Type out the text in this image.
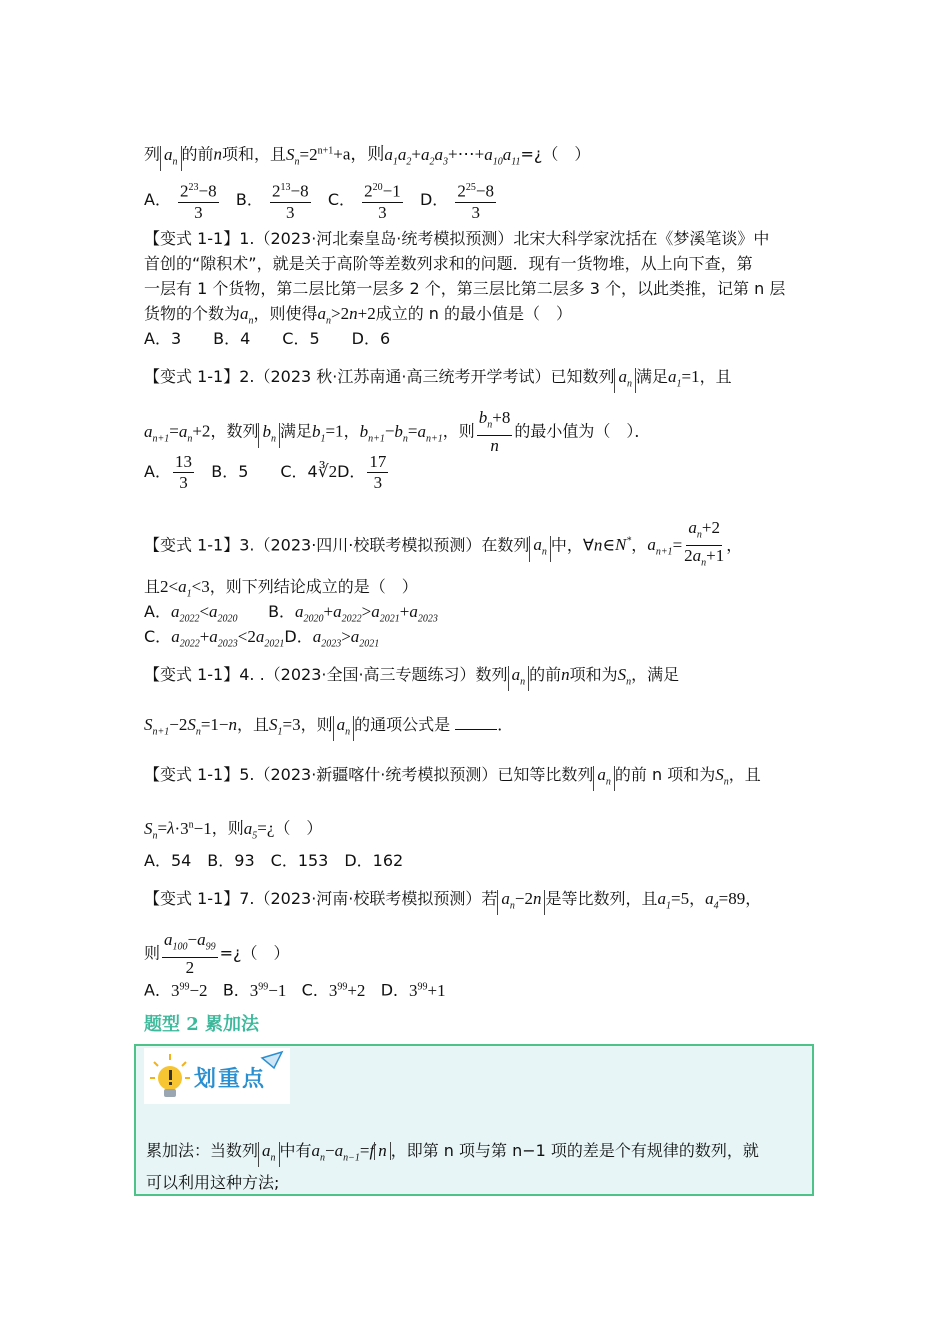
列 $a_n$ 的前n项和，且$S_n=2^{n+1}+a$，则$a_1a_2+a_2a_3+\cdots+a_{10}a_{11}=¿$（　）
A． $\frac{2^{23}-8}{3}$ B． $\frac{2^{13}-8}{3}$ C． $\frac{2^{20}-1}{3}$ D． $\frac{2^{25}-8}{3}$
【变式 1-1】1.（2023·河北秦皇岛·统考模拟预测）北宋大科学家沈括在《梦溪笔谈》中
首创的“隙积术”，就是关于高阶等差数列求和的问题．现有一货物堆，从上向下查，第
一层有 1 个货物，第二层比第一层多 2 个，第三层比第二层多 3 个，以此类推，记第 n 层
货物的个数为$a_n$，则使得$a_n>2n+2$成立的 n 的最小值是（　）
A．3　　B．4　　C．5　　D．6
【变式 1-1】2.（2023 秋·江苏南通·高三统考开学考试）已知数列 $a_n$ 满足$a_1=1$，且
$a_{n+1}=a_n+2$，数列 $b_n$ 满足$b_1=1$，$b_{n+1}-b_n=a_{n+1}$，则 $\frac{b_n+8}{n}$ 的最小值为（　）．
A． $\frac{13}{3}$ B．5　　C．4∛2D． $\frac{17}{3}$
【变式 1-1】3.（2023·四川·校联考模拟预测）在数列 $a_n$ 中，∀n∈N*，$a_{n+1}= \frac{a_n+2}{2a_n+1}$ ，
且$2<a_1<3$，则下列结论成立的是（　）
A．$a_{2022}<a_{2020}$ B．$a_{2020}+a_{2022}>a_{2021}+a_{2023}$
C．$a_{2022}+a_{2023}<2a_{2021}D$．$a_{2023}>a_{2021}$
【变式 1-1】4. .（2023·全国·高三专题练习）数列 $a_n$ 的前n项和为$S_n$，满足
$S_{n+1}-2S_n=1-n$，且$S_1=3$，则 $a_n$ 的通项公式是	．
【变式 1-1】5.（2023·新疆喀什·统考模拟预测）已知等比数列 $a_n$ 的前 n 项和为$S_n$，且
$S_n=\lambda\cdot 3^n-1$，则$a_5=¿$（　）
A．54　B．93　C．153　D．162
【变式 1-1】7.（2023·河南·校联考模拟预测）若 $a_n-2n$ 是等比数列，且$a_1=5$，$a_4=89$，
则 $\frac{a_{100}-a_{99}}{2}$ =¿（　）
A．$3^{99}-2$ B．$3^{99}-1$ C．$3^{99}+2$ D．$3^{99}+1$
题型 2 累加法
划重点
累加法：当数列 $a_n$ 中有$a_n-a_{n-1}=f$ n ，即第 n 项与第 n−1 项的差是个有规律的数列，就
可以利用这种方法;
